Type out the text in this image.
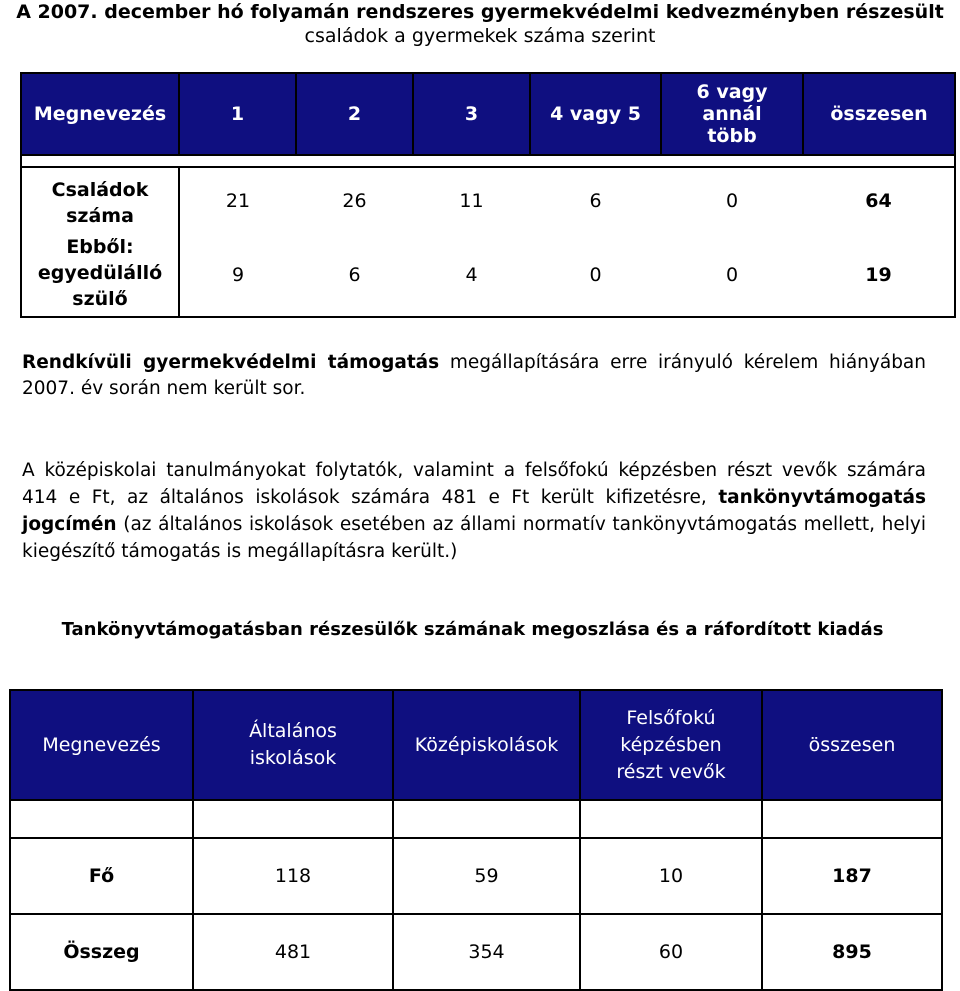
A 2007. december hó folyamán rendszeres gyermekvédelmi kedvezményben részesült
családok a gyermekek száma szerint
Megnevezés	1	2	3	4 vagy 5	6 vagy annál több	összesen

Családok száma	21	26	11	6	0	64
Ebből: egyedülálló szülő	9	6	4	0	0	19
Rendkívüli gyermekvédelmi támogatás megállapítására erre irányuló kérelem hiányában 2007. év során nem került sor.
A középiskolai tanulmányokat folytatók, valamint a felsőfokú képzésben részt vevők számára 414 e Ft, az általános iskolások számára 481 e Ft került kifizetésre, tankönyvtámogatás jogcímén (az általános iskolások esetében az állami normatív tankönyvtámogatás mellett, helyi kiegészítő támogatás is megállapításra került.)
Tankönyvtámogatásban részesülők számának megoszlása és a ráfordított kiadás
Megnevezés	Általános iskolások	Középiskolások	Felsőfokú képzésben részt vevők	összesen

Fő	118	59	10	187
Összeg	481	354	60	895
